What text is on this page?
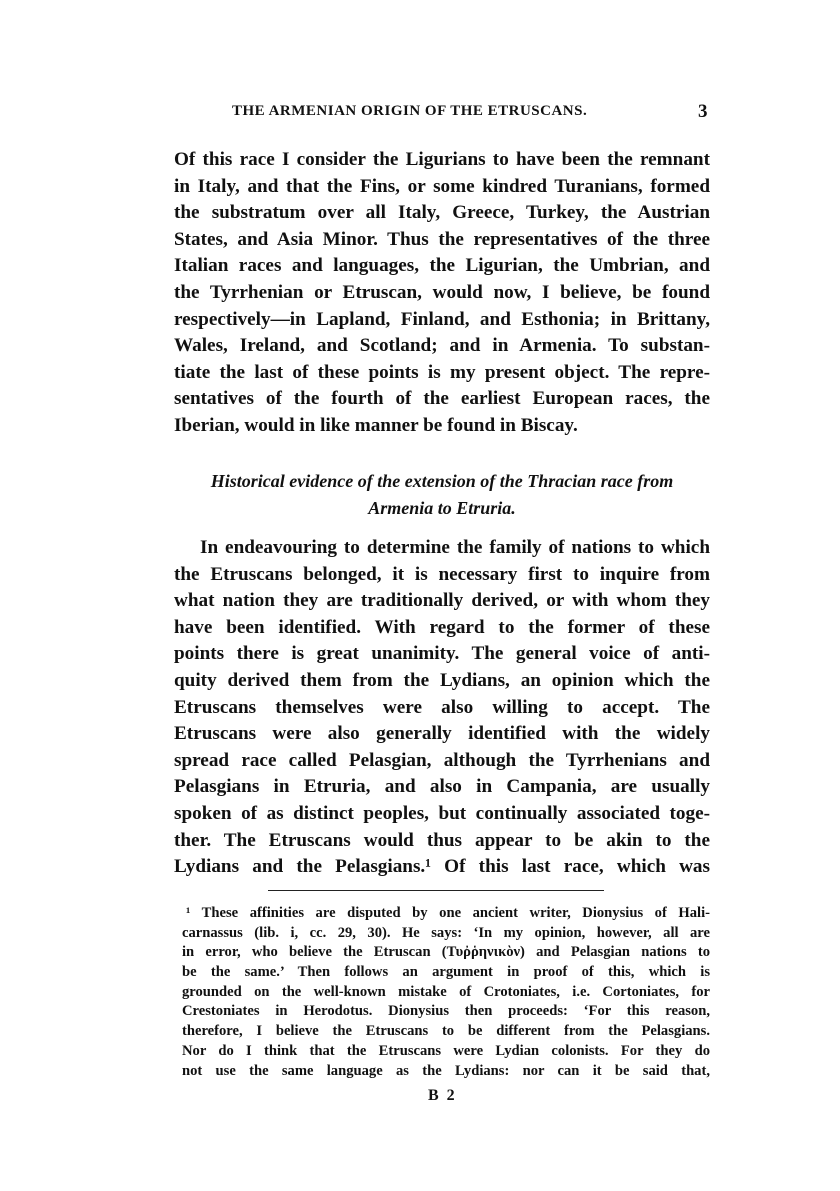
THE ARMENIAN ORIGIN OF THE ETRUSCANS.	3
Of this race I consider the Ligurians to have been the remnant
in Italy, and that the Fins, or some kindred Turanians, formed
the substratum over all Italy, Greece, Turkey, the Austrian
States, and Asia Minor. Thus the representatives of the three
Italian races and languages, the Ligurian, the Umbrian, and
the Tyrrhenian or Etruscan, would now, I believe, be found
respectively—in Lapland, Finland, and Esthonia; in Brittany,
Wales, Ireland, and Scotland; and in Armenia. To substan-
tiate the last of these points is my present object. The repre-
sentatives of the fourth of the earliest European races, the
Iberian, would in like manner be found in Biscay.
Historical evidence of the extension of the Thracian race from
Armenia to Etruria.
In endeavouring to determine the family of nations to which
the Etruscans belonged, it is necessary first to inquire from
what nation they are traditionally derived, or with whom they
have been identified. With regard to the former of these
points there is great unanimity. The general voice of anti-
quity derived them from the Lydians, an opinion which the
Etruscans themselves were also willing to accept. The
Etruscans were also generally identified with the widely
spread race called Pelasgian, although the Tyrrhenians and
Pelasgians in Etruria, and also in Campania, are usually
spoken of as distinct peoples, but continually associated toge-
ther. The Etruscans would thus appear to be akin to the
Lydians and the Pelasgians.¹ Of this last race, which was
¹ These affinities are disputed by one ancient writer, Dionysius of Hali-
carnassus (lib. i, cc. 29, 30). He says: ‘In my opinion, however, all are
in error, who believe the Etruscan (Τυῤῥηνικὸν) and Pelasgian nations to
be the same.’ Then follows an argument in proof of this, which is
grounded on the well-known mistake of Crotoniates, i.e. Cortoniates, for
Crestoniates in Herodotus. Dionysius then proceeds: ‘For this reason,
therefore, I believe the Etruscans to be different from the Pelasgians.
Nor do I think that the Etruscans were Lydian colonists. For they do
not use the same language as the Lydians: nor can it be said that,
B 2
